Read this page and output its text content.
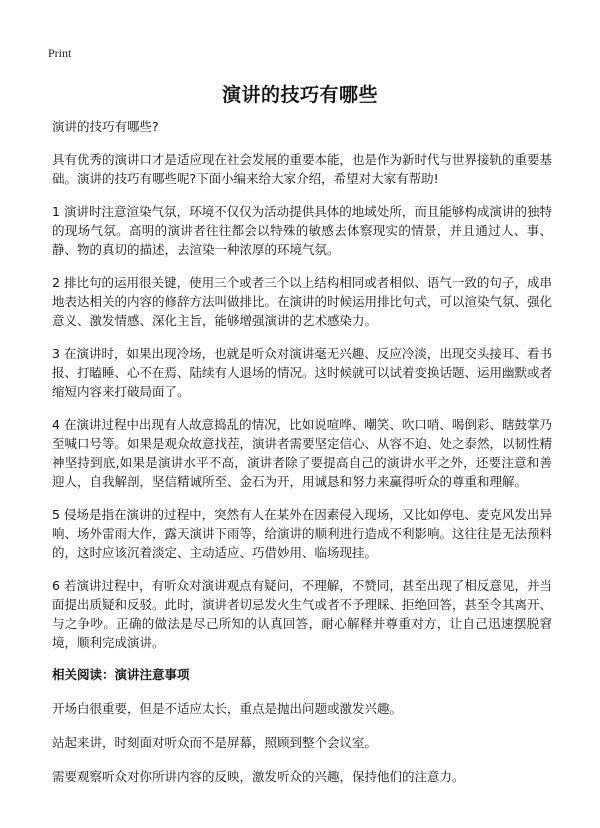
Print
演讲的技巧有哪些

演讲的技巧有哪些?

具有优秀的演讲口才是适应现在社会发展的重要本能，也是作为新时代与世界接轨的重要基础。演讲的技巧有哪些呢?下面小编来给大家介绍，希望对大家有帮助!

1 演讲时注意渲染气氛，环境不仅仅为活动提供具体的地域处所，而且能够构成演讲的独特的现场气氛。高明的演讲者往往都会以特殊的敏感去体察现实的情景，并且通过人、事、静、物的真切的描述，去渲染一种浓厚的环境气氛。

2 排比句的运用很关键，使用三个或者三个以上结构相同或者相似、语气一致的句子，成串地表达相关的内容的修辞方法叫做排比。在演讲的时候运用排比句式，可以渲染气氛、强化意义、激发情感、深化主旨，能够增强演讲的艺术感染力。

3 在演讲时，如果出现冷场，也就是听众对演讲毫无兴趣、反应冷淡，出现交头接耳、看书报、打瞌睡、心不在焉、陆续有人退场的情况。这时候就可以试着变换话题、运用幽默或者缩短内容来打破局面了。

4 在演讲过程中出现有人故意捣乱的情况，比如说喧哗、嘲笑、吹口哨、喝倒彩、瞎鼓掌乃至喊口号等。如果是观众故意找茬，演讲者需要坚定信心、从容不迫、处之泰然，以韧性精神坚持到底,如果是演讲水平不高，演讲者除了要提高自己的演讲水平之外，还要注意和善迎人，自我解剖，坚信精诚所至、金石为开，用诚恳和努力来赢得听众的尊重和理解。

5 侵场是指在演讲的过程中，突然有人在某外在因素侵入现场，又比如停电、麦克风发出异响、场外雷雨大作，露天演讲下雨等，给演讲的顺利进行造成不利影响。这往往是无法预料的，这时应该沉着淡定、主动适应、巧借妙用、临场现挂。

6 若演讲过程中，有听众对演讲观点有疑问，不理解，不赞同，甚至出现了相反意见，并当面提出质疑和反驳。此时，演讲者切忌发火生气或者不予理睬、拒绝回答，甚至令其离开、与之争吵。正确的做法是尽己所知的认真回答，耐心解释并尊重对方，让自己迅速摆脱窘境，顺利完成演讲。

相关阅读：演讲注意事项

开场白很重要，但是不适应太长，重点是抛出问题或激发兴趣。

站起来讲，时刻面对听众而不是屏幕，照顾到整个会议室。

需要观察听众对你所讲内容的反映，激发听众的兴趣，保持他们的注意力。
